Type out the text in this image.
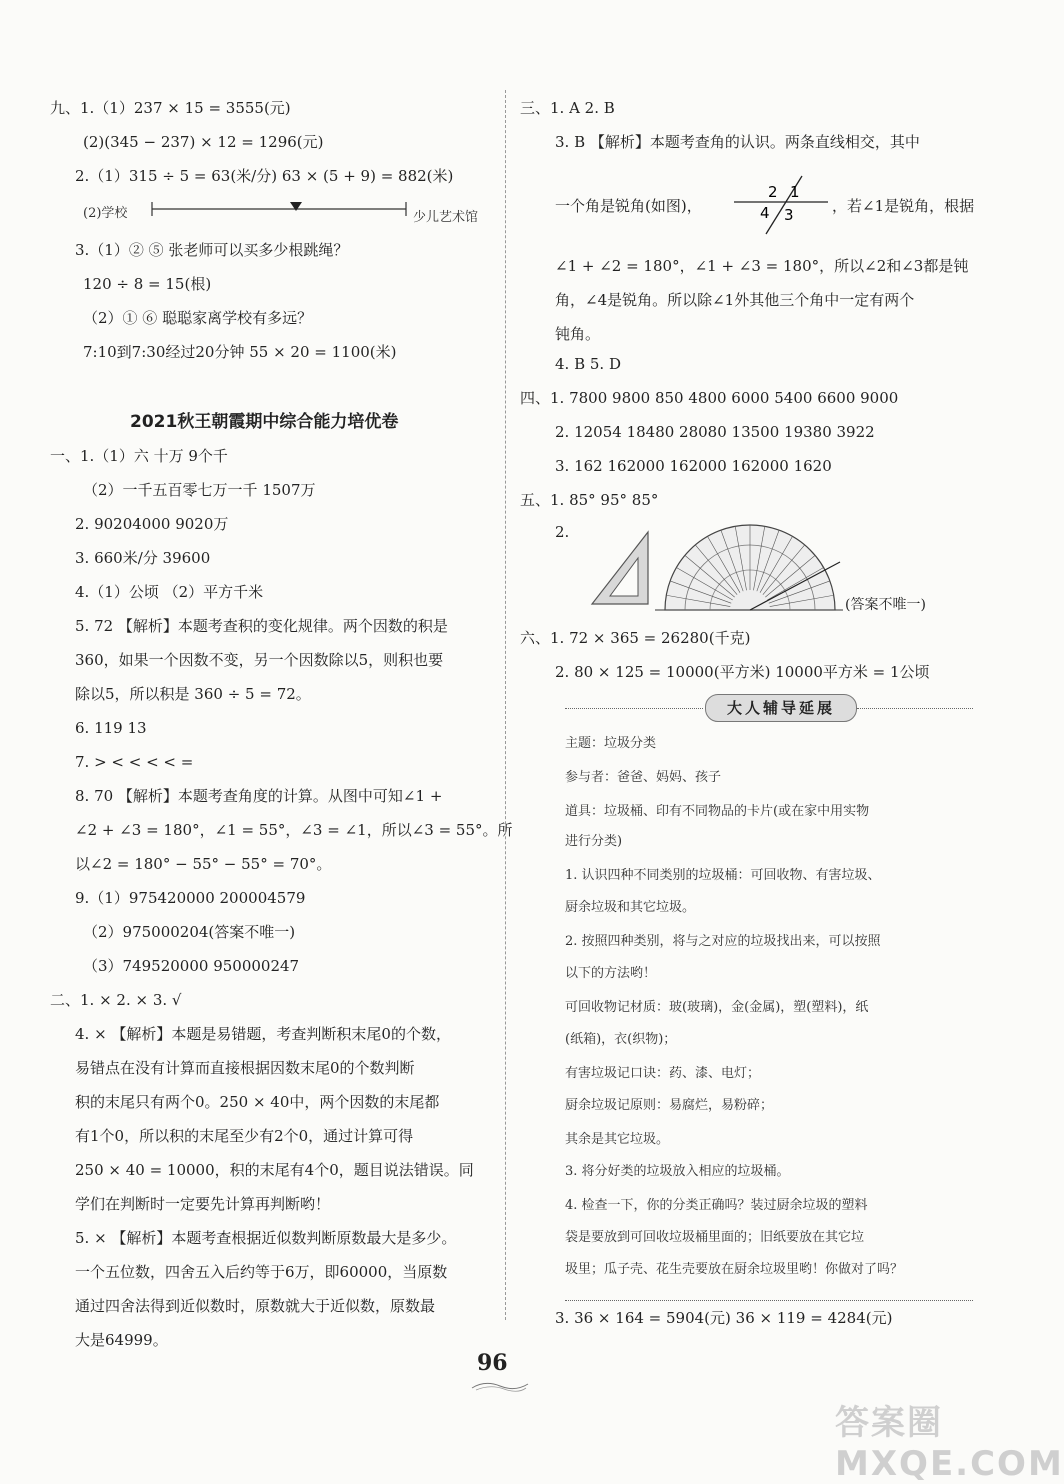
九、1.（1）237 × 15 = 3555(元)
(2)(345 − 237) × 12 = 1296(元)
2.（1）315 ÷ 5 = 63(米/分) 63 × (5 + 9) = 882(米)
(2)学校	少儿艺术馆
3.（1）② ⑤ 张老师可以买多少根跳绳？
120 ÷ 8 = 15(根)
（2）① ⑥ 聪聪家离学校有多远？
7:10到7:30经过20分钟 55 × 20 = 1100(米)
2021秋王朝霞期中综合能力培优卷
一、1.（1）六 十万 9个千
（2）一千五百零七万一千 1507万
2. 90204000 9020万
3. 660米/分 39600
4.（1）公顷 （2）平方千米
5. 72 【解析】本题考查积的变化规律。两个因数的积是
360，如果一个因数不变，另一个因数除以5，则积也要
除以5，所以积是 360 ÷ 5 = 72。
6. 119 13
7. > < < < < =
8. 70 【解析】本题考查角度的计算。从图中可知∠1 +
∠2 + ∠3 = 180°，∠1 = 55°，∠3 = ∠1，所以∠3 = 55°。所
以∠2 = 180° − 55° − 55° = 70°。
9.（1）975420000 200004579
（2）975000204(答案不唯一)
（3）749520000 950000247
二、1. × 2. × 3. √
4. × 【解析】本题是易错题，考查判断积末尾0的个数，
易错点在没有计算而直接根据因数末尾0的个数判断
积的末尾只有两个0。250 × 40中，两个因数的末尾都
有1个0，所以积的末尾至少有2个0，通过计算可得
250 × 40 = 10000，积的末尾有4个0，题目说法错误。同
学们在判断时一定要先计算再判断哟！
5. × 【解析】本题考查根据近似数判断原数最大是多少。
一个五位数，四舍五入后约等于6万，即60000，当原数
通过四舍法得到近似数时，原数就大于近似数，原数最
大是64999。
三、1. A 2. B
3. B 【解析】本题考查角的认识。两条直线相交，其中
一个角是锐角(如图)，
1
2
3
4	，若∠1是锐角，根据
∠1 + ∠2 = 180°，∠1 + ∠3 = 180°，所以∠2和∠3都是钝
角，∠4是锐角。所以除∠1外其他三个角中一定有两个
钝角。
4. B 5. D
四、1. 7800 9800 850 4800 6000 5400 6600 9000
2. 12054 18480 28080 13500 19380 3922
3. 162 162000 162000 162000 1620
五、1. 85° 95° 85°
2.
(答案不唯一)
六、1. 72 × 365 = 26280(千克)
2. 80 × 125 = 10000(平方米) 10000平方米 = 1公顷
大人辅导延展
主题：垃圾分类
参与者：爸爸、妈妈、孩子
道具：垃圾桶、印有不同物品的卡片(或在家中用实物
进行分类)
1. 认识四种不同类别的垃圾桶：可回收物、有害垃圾、
厨余垃圾和其它垃圾。
2. 按照四种类别，将与之对应的垃圾找出来，可以按照
以下的方法哟！
可回收物记材质：玻(玻璃)，金(金属)，塑(塑料)，纸
(纸箱)，衣(织物)；
有害垃圾记口诀：药、漆、电灯；
厨余垃圾记原则：易腐烂，易粉碎；
其余是其它垃圾。
3. 将分好类的垃圾放入相应的垃圾桶。
4. 检查一下，你的分类正确吗？装过厨余垃圾的塑料
袋是要放到可回收垃圾桶里面的；旧纸要放在其它垃
圾里；瓜子壳、花生壳要放在厨余垃圾里哟！你做对了吗？
3. 36 × 164 = 5904(元) 36 × 119 = 4284(元)
96
答案圈 MXQE.COM
